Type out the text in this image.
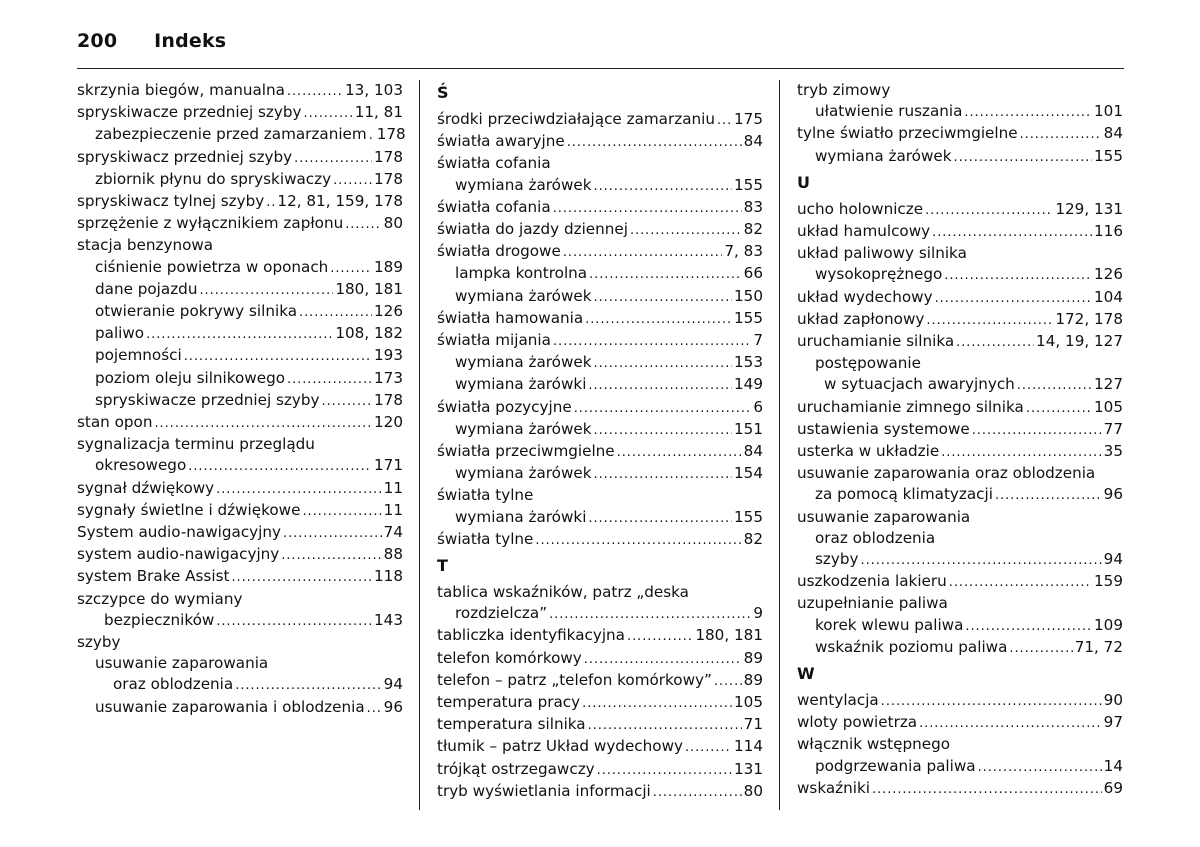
200 Indeks
skrzynia biegów, manualna . . .	13, 103
spryskiwacze przedniej szyby . . .	11, 81
zabezpieczenie przed zamarzaniem . . . 178
spryskiwacz przedniej szyby . . .	178
zbiornik płynu do spryskiwaczy . . .	178
spryskiwacz tylnej szyby . . . 12, 81, 159, 178
sprzężenie z wyłącznikiem zapłonu . . .	80
stacja benzynowa
ciśnienie powietrza w oponach . . .	189
dane pojazdu . . .	180, 181
otwieranie pokrywy silnika . . .	126
paliwo . . .	108, 182
pojemności . . .	193
poziom oleju silnikowego . . .	173
spryskiwacze przedniej szyby . . .	178
stan opon . . .	120
sygnalizacja terminu przeglądu
okresowego . . .	171
sygnał dźwiękowy . . .	11
sygnały świetlne i dźwiękowe . . .	11
System audio-nawigacyjny . . .	74
system audio-nawigacyjny . . .	88
system Brake Assist . . .	118
szczypce do wymiany
bezpieczników . . .	143
szyby
usuwanie zaparowania
oraz oblodzenia . . .	94
usuwanie zaparowania i oblodzenia . . . 96
Ś
środki przeciwdziałające zamarzaniu . . . 175
światła awaryjne . . .	84
światła cofania
wymiana żarówek . . .	155
światła cofania . . .	83
światła do jazdy dziennej . . .	82
światła drogowe . . .	7, 83
lampka kontrolna . . .	66
wymiana żarówek . . .	150
światła hamowania . . .	155
światła mijania . . .	7
wymiana żarówek . . .	153
wymiana żarówki . . .	149
światła pozycyjne . . .	6
wymiana żarówek . . .	151
światła przeciwmgielne . . .	84
wymiana żarówek . . .	154
światła tylne
wymiana żarówki . . .	155
światła tylne . . .	82
T
tablica wskaźników, patrz „deska
rozdzielcza” . . .	9
tabliczka identyfikacyjna . . .	180, 181
telefon komórkowy . . .	89
telefon – patrz „telefon komórkowy” . . . 89
temperatura pracy . . .	105
temperatura silnika . . .	71
tłumik – patrz Układ wydechowy . . .	114
trójkąt ostrzegawczy . . .	131
tryb wyświetlania informacji . . .	80
tryb zimowy
ułatwienie ruszania . . .	101
tylne światło przeciwmgielne . . .	84
wymiana żarówek . . .	155
U
ucho holownicze . . .	129, 131
układ hamulcowy . . .	116
układ paliwowy silnika
wysokoprężnego . . .	126
układ wydechowy . . .	104
układ zapłonowy . . .	172, 178
uruchamianie silnika . . .	14, 19, 127
postępowanie
w sytuacjach awaryjnych . . .	127
uruchamianie zimnego silnika . . .	105
ustawienia systemowe . . .	77
usterka w układzie . . .	35
usuwanie zaparowania oraz oblodzenia
za pomocą klimatyzacji . . .	96
usuwanie zaparowania
oraz oblodzenia
szyby . . .	94
uszkodzenia lakieru . . .	159
uzupełnianie paliwa
korek wlewu paliwa . . .	109
wskaźnik poziomu paliwa . . .	71, 72
W
wentylacja . . .	90
wloty powietrza . . .	97
włącznik wstępnego
podgrzewania paliwa . . .	14
wskaźniki . . .	69
